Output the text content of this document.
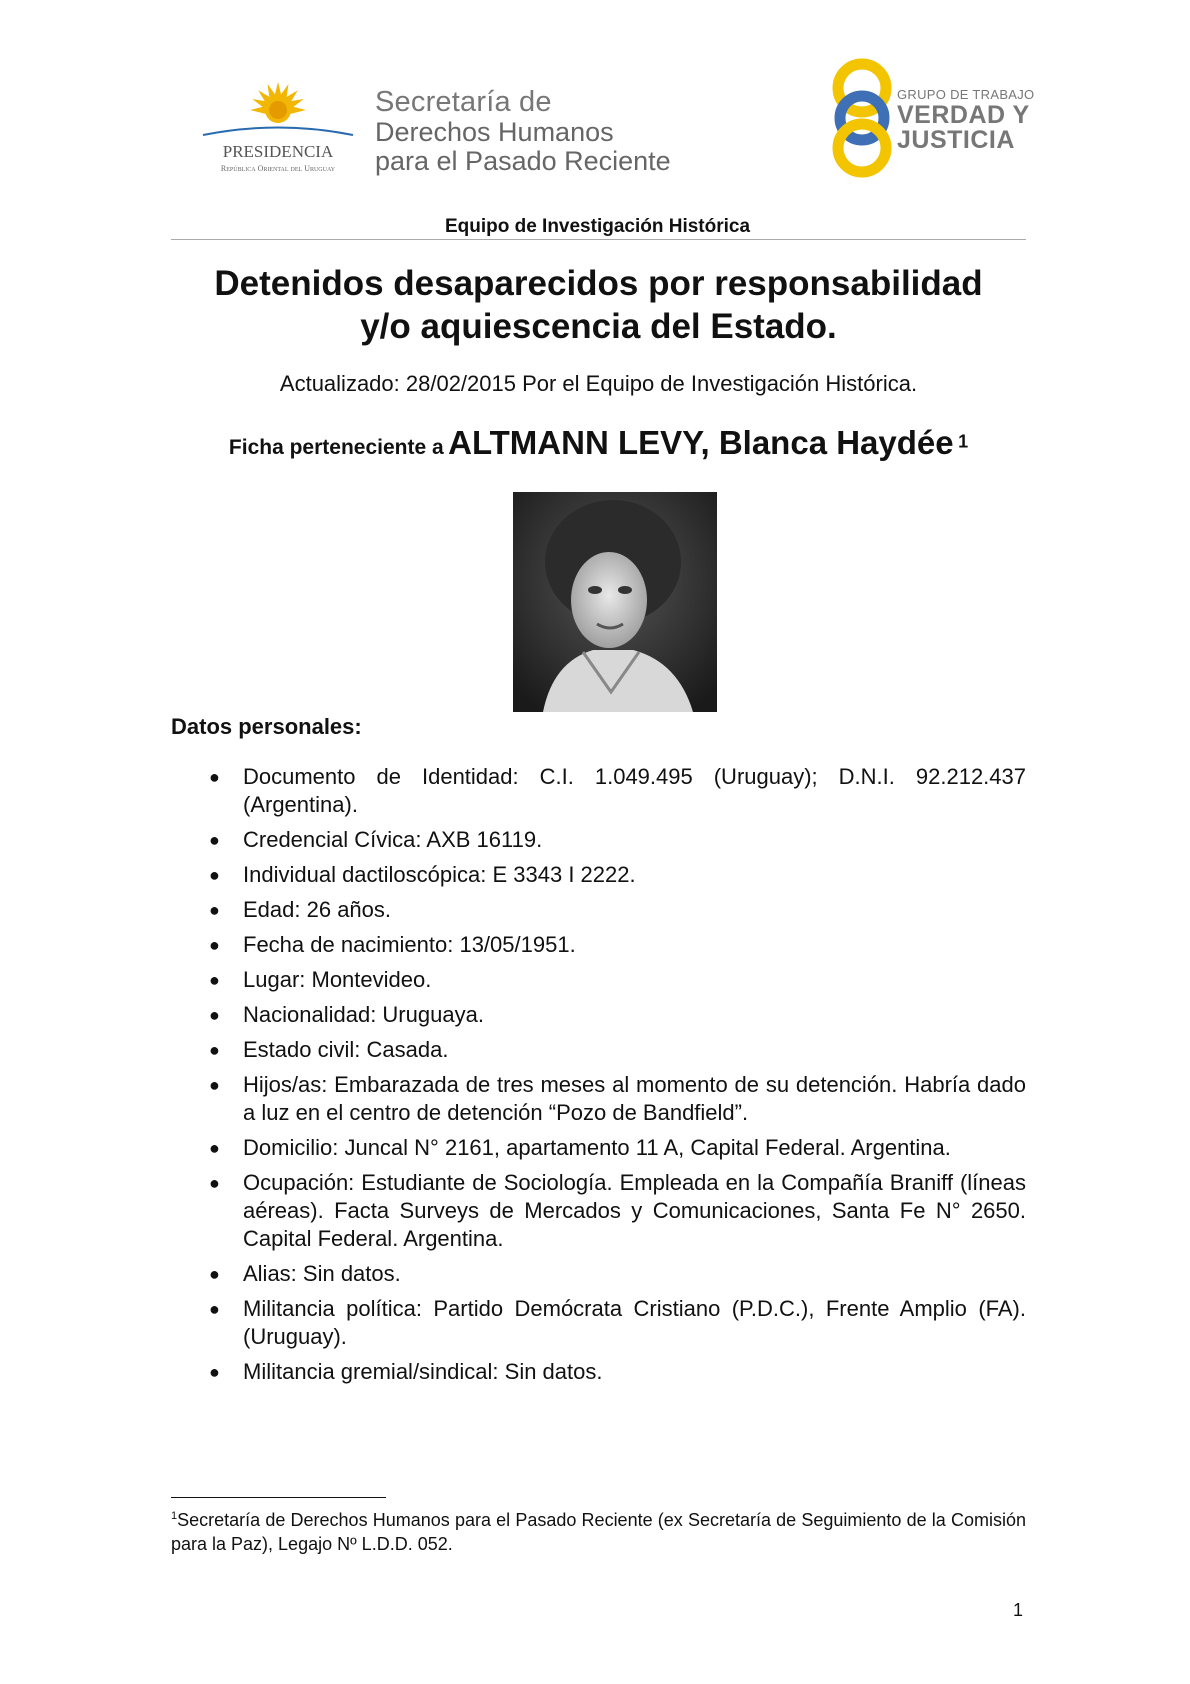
PRESIDENCIA
República Oriental del Uruguay
Secretaría de
Derechos Humanos
para el Pasado Reciente
GRUPO DE TRABAJO
VERDAD Y
JUSTICIA
Equipo de Investigación Histórica
Detenidos desaparecidos por responsabilidad
y/o aquiescencia del Estado.
Actualizado: 28/02/2015 Por el Equipo de Investigación Histórica.
Ficha perteneciente a ALTMANN LEVY, Blanca Haydée $^1$
Datos personales:
● Documento de Identidad: C.I. 1.049.495 (Uruguay); D.N.I. 92.212.437 (Argentina).
● Credencial Cívica: AXB 16119.
● Individual dactiloscópica: E 3343 I 2222.
● Edad: 26 años.
● Fecha de nacimiento: 13/05/1951.
● Lugar: Montevideo.
● Nacionalidad: Uruguaya.
● Estado civil: Casada.
● Hijos/as: Embarazada de tres meses al momento de su detención. Habría dado a luz en el centro de detención “Pozo de Bandfield”.
● Domicilio: Juncal N° 2161, apartamento 11 A, Capital Federal. Argentina.
● Ocupación: Estudiante de Sociología. Empleada en la Compañía Braniff (líneas aéreas). Facta Surveys de Mercados y Comunicaciones, Santa Fe N° 2650. Capital Federal. Argentina.
● Alias: Sin datos.
● Militancia política: Partido Demócrata Cristiano (P.D.C.), Frente Amplio (FA). (Uruguay).
● Militancia gremial/sindical: Sin datos.
$^1$Secretaría de Derechos Humanos para el Pasado Reciente (ex Secretaría de Seguimiento de la Comisión para la Paz), Legajo Nº L.D.D. 052.
1
